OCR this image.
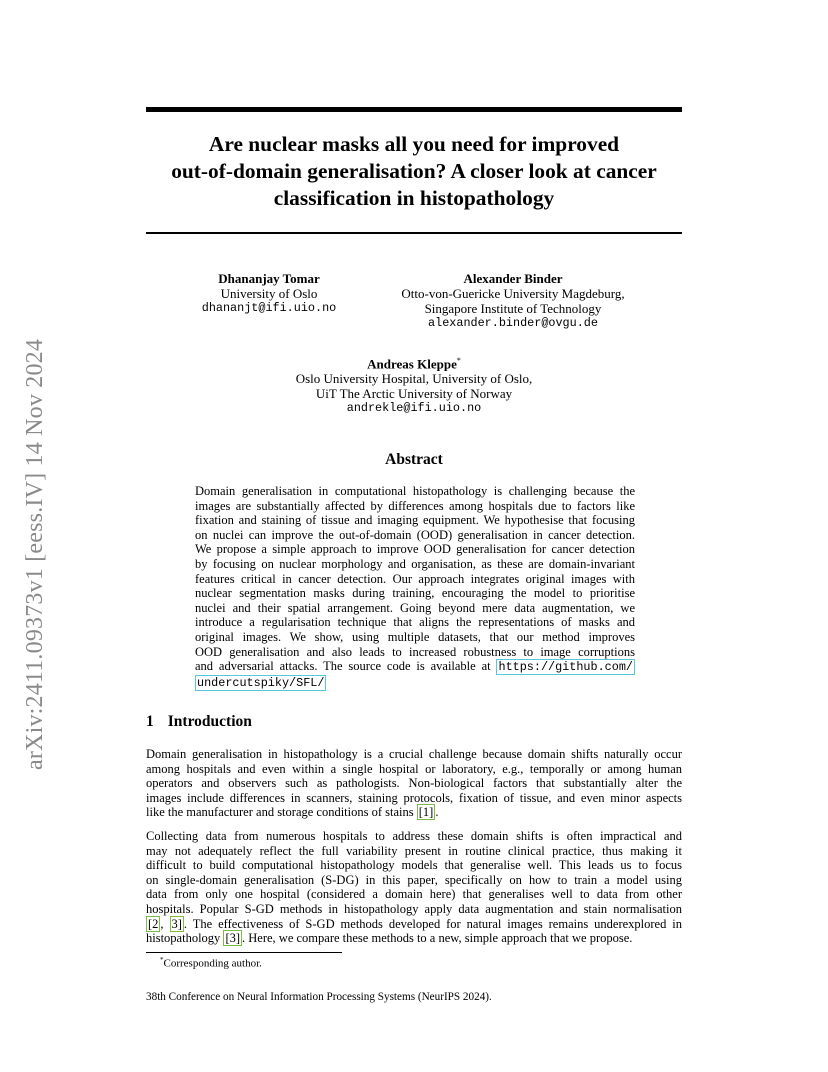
arXiv:2411.09373v1 [eess.IV] 14 Nov 2024
Are nuclear masks all you need for improved
out-of-domain generalisation? A closer look at cancer
classification in histopathology
Dhananjay Tomar
University of Oslo
dhananjt@ifi.uio.no
Alexander Binder
Otto-von-Guericke University Magdeburg,
Singapore Institute of Technology
alexander.binder@ovgu.de
Andreas Kleppe*
Oslo University Hospital, University of Oslo,
UiT The Arctic University of Norway
andrekle@ifi.uio.no
Abstract
Domain generalisation in computational histopathology is challenging because the
images are substantially affected by differences among hospitals due to factors like
fixation and staining of tissue and imaging equipment. We hypothesise that focusing
on nuclei can improve the out-of-domain (OOD) generalisation in cancer detection.
We propose a simple approach to improve OOD generalisation for cancer detection
by focusing on nuclear morphology and organisation, as these are domain-invariant
features critical in cancer detection. Our approach integrates original images with
nuclear segmentation masks during training, encouraging the model to prioritise
nuclei and their spatial arrangement. Going beyond mere data augmentation, we
introduce a regularisation technique that aligns the representations of masks and
original images. We show, using multiple datasets, that our method improves
OOD generalisation and also leads to increased robustness to image corruptions
and adversarial attacks. The source code is available at https://github.com/
undercutspiky/SFL/
1 Introduction
Domain generalisation in histopathology is a crucial challenge because domain shifts naturally occur
among hospitals and even within a single hospital or laboratory, e.g., temporally or among human
operators and observers such as pathologists. Non-biological factors that substantially alter the
images include differences in scanners, staining protocols, fixation of tissue, and even minor aspects
like the manufacturer and storage conditions of stains [1] .
Collecting data from numerous hospitals to address these domain shifts is often impractical and
may not adequately reflect the full variability present in routine clinical practice, thus making it
difficult to build computational histopathology models that generalise well. This leads us to focus
on single-domain generalisation (S-DG) in this paper, specifically on how to train a model using
data from only one hospital (considered a domain here) that generalises well to data from other
hospitals. Popular S-GD methods in histopathology apply data augmentation and stain normalisation
[2 , 3] . The effectiveness of S-GD methods developed for natural images remains underexplored in
histopathology [3] . Here, we compare these methods to a new, simple approach that we propose.
*Corresponding author.
38th Conference on Neural Information Processing Systems (NeurIPS 2024).
